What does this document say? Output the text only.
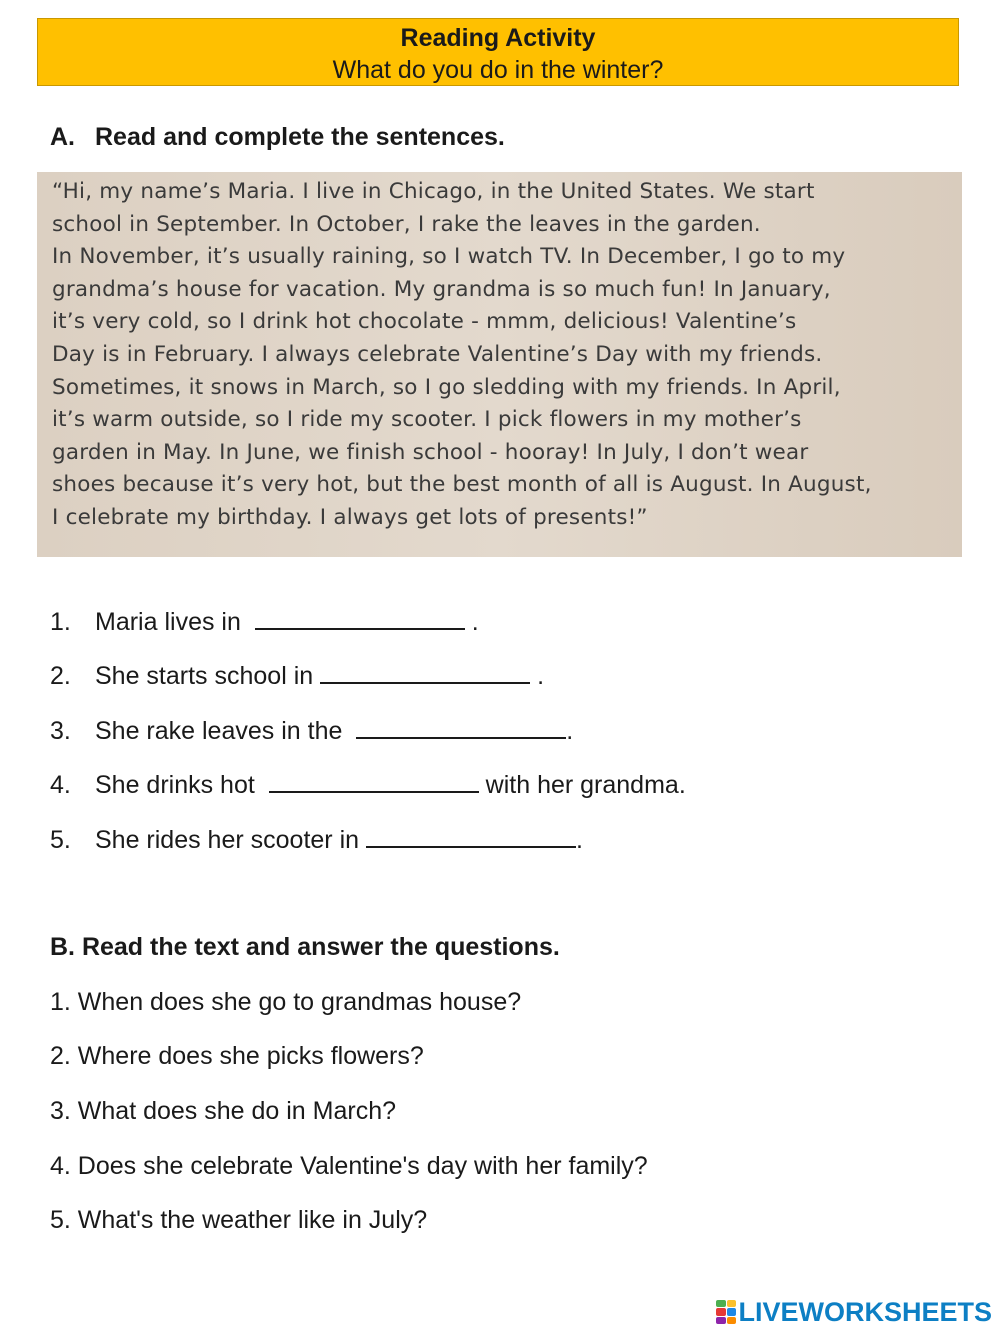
Reading Activity
What do you do in the winter?
A. Read and complete the sentences.
“Hi, my name’s Maria. I live in Chicago, in the United States. We start
school in September. In October, I rake the leaves in the garden.
In November, it’s usually raining, so I watch TV. In December, I go to my
grandma’s house for vacation. My grandma is so much fun! In January,
it’s very cold, so I drink hot chocolate - mmm, delicious! Valentine’s
Day is in February. I always celebrate Valentine’s Day with my friends.
Sometimes, it snows in March, so I go sledding with my friends. In April,
it’s warm outside, so I ride my scooter. I pick flowers in my mother’s
garden in May. In June, we finish school - hooray! In July, I don’t wear
shoes because it’s very hot, but the best month of all is August. In August,
I celebrate my birthday. I always get lots of presents!”
1. Maria lives in	.
2. She starts school in	.
3. She rake leaves in the	.
4. She drinks hot	with her grandma.
5. She rides her scooter in	.
B. Read the text and answer the questions.
1. When does she go to grandmas house?
2. Where does she picks flowers?
3. What does she do in March?
4. Does she celebrate Valentine's day with her family?
5. What's the weather like in July?
LIVEWORKSHEETS
